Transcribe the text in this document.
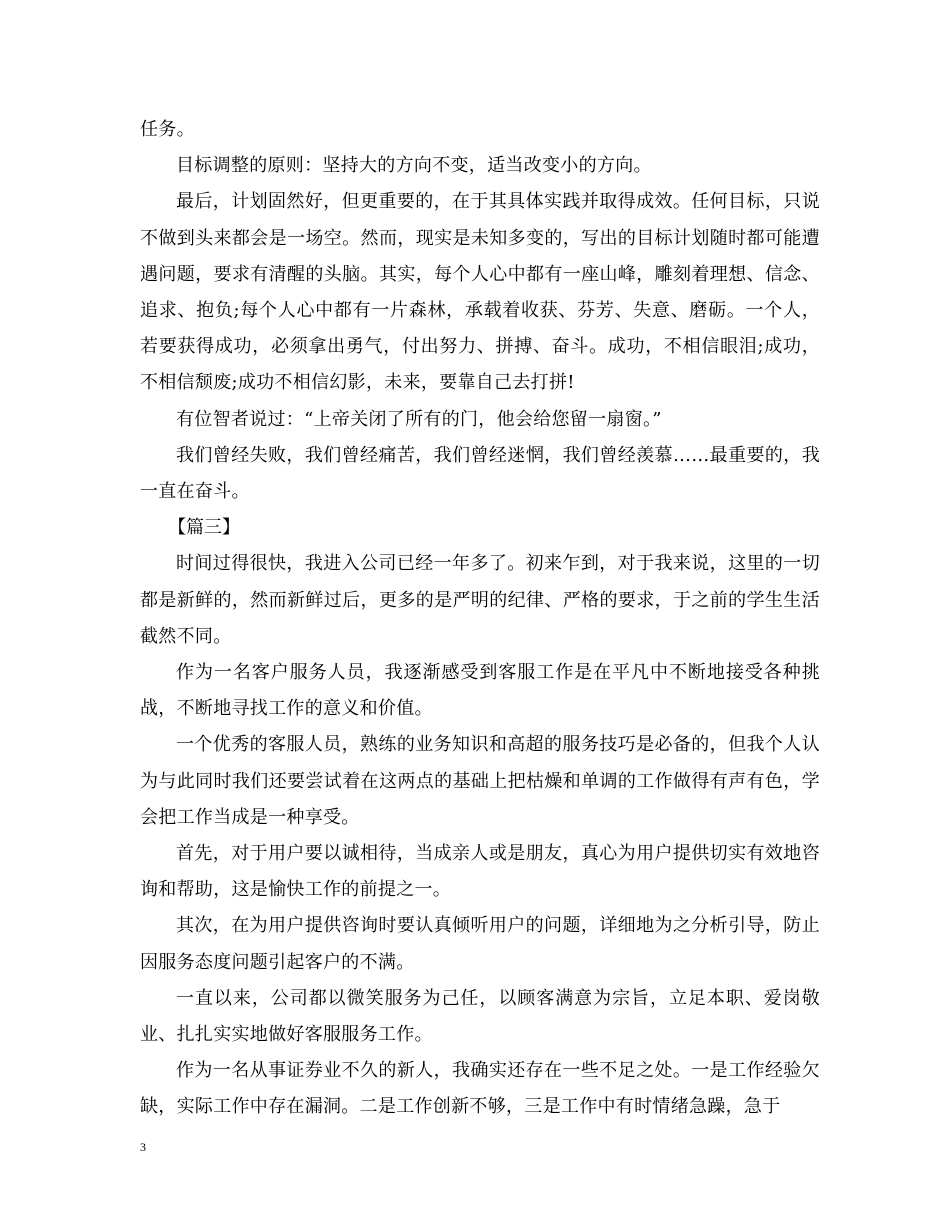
任务。

目标调整的原则：坚持大的方向不变，适当改变小的方向。

最后，计划固然好，但更重要的，在于其具体实践并取得成效。任何目标，只说不做到头来都会是一场空。然而，现实是未知多变的，写出的目标计划随时都可能遭遇问题，要求有清醒的头脑。其实，每个人心中都有一座山峰，雕刻着理想、信念、追求、抱负;每个人心中都有一片森林，承载着收获、芬芳、失意、磨砺。一个人，若要获得成功，必须拿出勇气，付出努力、拼搏、奋斗。成功，不相信眼泪;成功，不相信颓废;成功不相信幻影，未来，要靠自己去打拼!

有位智者说过：“上帝关闭了所有的门，他会给您留一扇窗。”

我们曾经失败，我们曾经痛苦，我们曾经迷惘，我们曾经羡慕……最重要的，我一直在奋斗。

【篇三】

时间过得很快，我进入公司已经一年多了。初来乍到，对于我来说，这里的一切都是新鲜的，然而新鲜过后，更多的是严明的纪律、严格的要求，于之前的学生生活截然不同。

作为一名客户服务人员，我逐渐感受到客服工作是在平凡中不断地接受各种挑战，不断地寻找工作的意义和价值。

一个优秀的客服人员，熟练的业务知识和高超的服务技巧是必备的，但我个人认为与此同时我们还要尝试着在这两点的基础上把枯燥和单调的工作做得有声有色，学会把工作当成是一种享受。

首先，对于用户要以诚相待，当成亲人或是朋友，真心为用户提供切实有效地咨询和帮助，这是愉快工作的前提之一。

其次，在为用户提供咨询时要认真倾听用户的问题，详细地为之分析引导，防止因服务态度问题引起客户的不满。

一直以来，公司都以微笑服务为己任，以顾客满意为宗旨，立足本职、爱岗敬业、扎扎实实地做好客服服务工作。

作为一名从事证券业不久的新人，我确实还存在一些不足之处。一是工作经验欠缺，实际工作中存在漏洞。二是工作创新不够，三是工作中有时情绪急躁，急于

3
